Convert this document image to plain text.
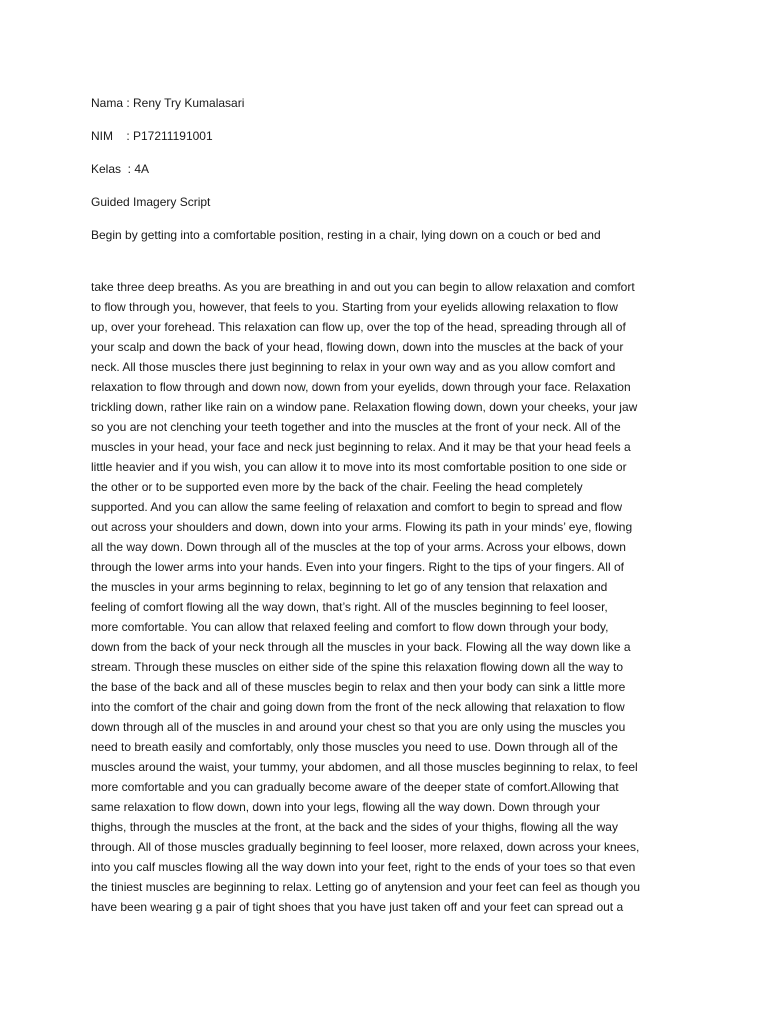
Nama : Reny Try Kumalasari
NIM    : P17211191001
Kelas  : 4A
Guided Imagery Script
Begin by getting into a comfortable position, resting in a chair, lying down on a couch or bed and
take three deep breaths. As you are breathing in and out you can begin to allow relaxation and comfort
to flow through you, however, that feels to you. Starting from your eyelids allowing relaxation to flow
up, over your forehead. This relaxation can flow up, over the top of the head, spreading through all of
your scalp and down the back of your head, flowing down, down into the muscles at the back of your
neck. All those muscles there just beginning to relax in your own way and as you allow comfort and
relaxation to flow through and down now, down from your eyelids, down through your face. Relaxation
trickling down, rather like rain on a window pane. Relaxation flowing down, down your cheeks, your jaw
so you are not clenching your teeth together and into the muscles at the front of your neck. All of the
muscles in your head, your face and neck just beginning to relax. And it may be that your head feels a
little heavier and if you wish, you can allow it to move into its most comfortable position to one side or
the other or to be supported even more by the back of the chair. Feeling the head completely
supported. And you can allow the same feeling of relaxation and comfort to begin to spread and flow
out across your shoulders and down, down into your arms. Flowing its path in your minds’ eye, flowing
all the way down. Down through all of the muscles at the top of your arms. Across your elbows, down
through the lower arms into your hands. Even into your fingers. Right to the tips of your fingers. All of
the muscles in your arms beginning to relax, beginning to let go of any tension that relaxation and
feeling of comfort flowing all the way down, that’s right. All of the muscles beginning to feel looser,
more comfortable. You can allow that relaxed feeling and comfort to flow down through your body,
down from the back of your neck through all the muscles in your back. Flowing all the way down like a
stream. Through these muscles on either side of the spine this relaxation flowing down all the way to
the base of the back and all of these muscles begin to relax and then your body can sink a little more
into the comfort of the chair and going down from the front of the neck allowing that relaxation to flow
down through all of the muscles in and around your chest so that you are only using the muscles you
need to breath easily and comfortably, only those muscles you need to use. Down through all of the
muscles around the waist, your tummy, your abdomen, and all those muscles beginning to relax, to feel
more comfortable and you can gradually become aware of the deeper state of comfort.Allowing that
same relaxation to flow down, down into your legs, flowing all the way down. Down through your
thighs, through the muscles at the front, at the back and the sides of your thighs, flowing all the way
through. All of those muscles gradually beginning to feel looser, more relaxed, down across your knees,
into you calf muscles flowing all the way down into your feet, right to the ends of your toes so that even
the tiniest muscles are beginning to relax. Letting go of anytension and your feet can feel as though you
have been wearing g a pair of tight shoes that you have just taken off and your feet can spread out a
